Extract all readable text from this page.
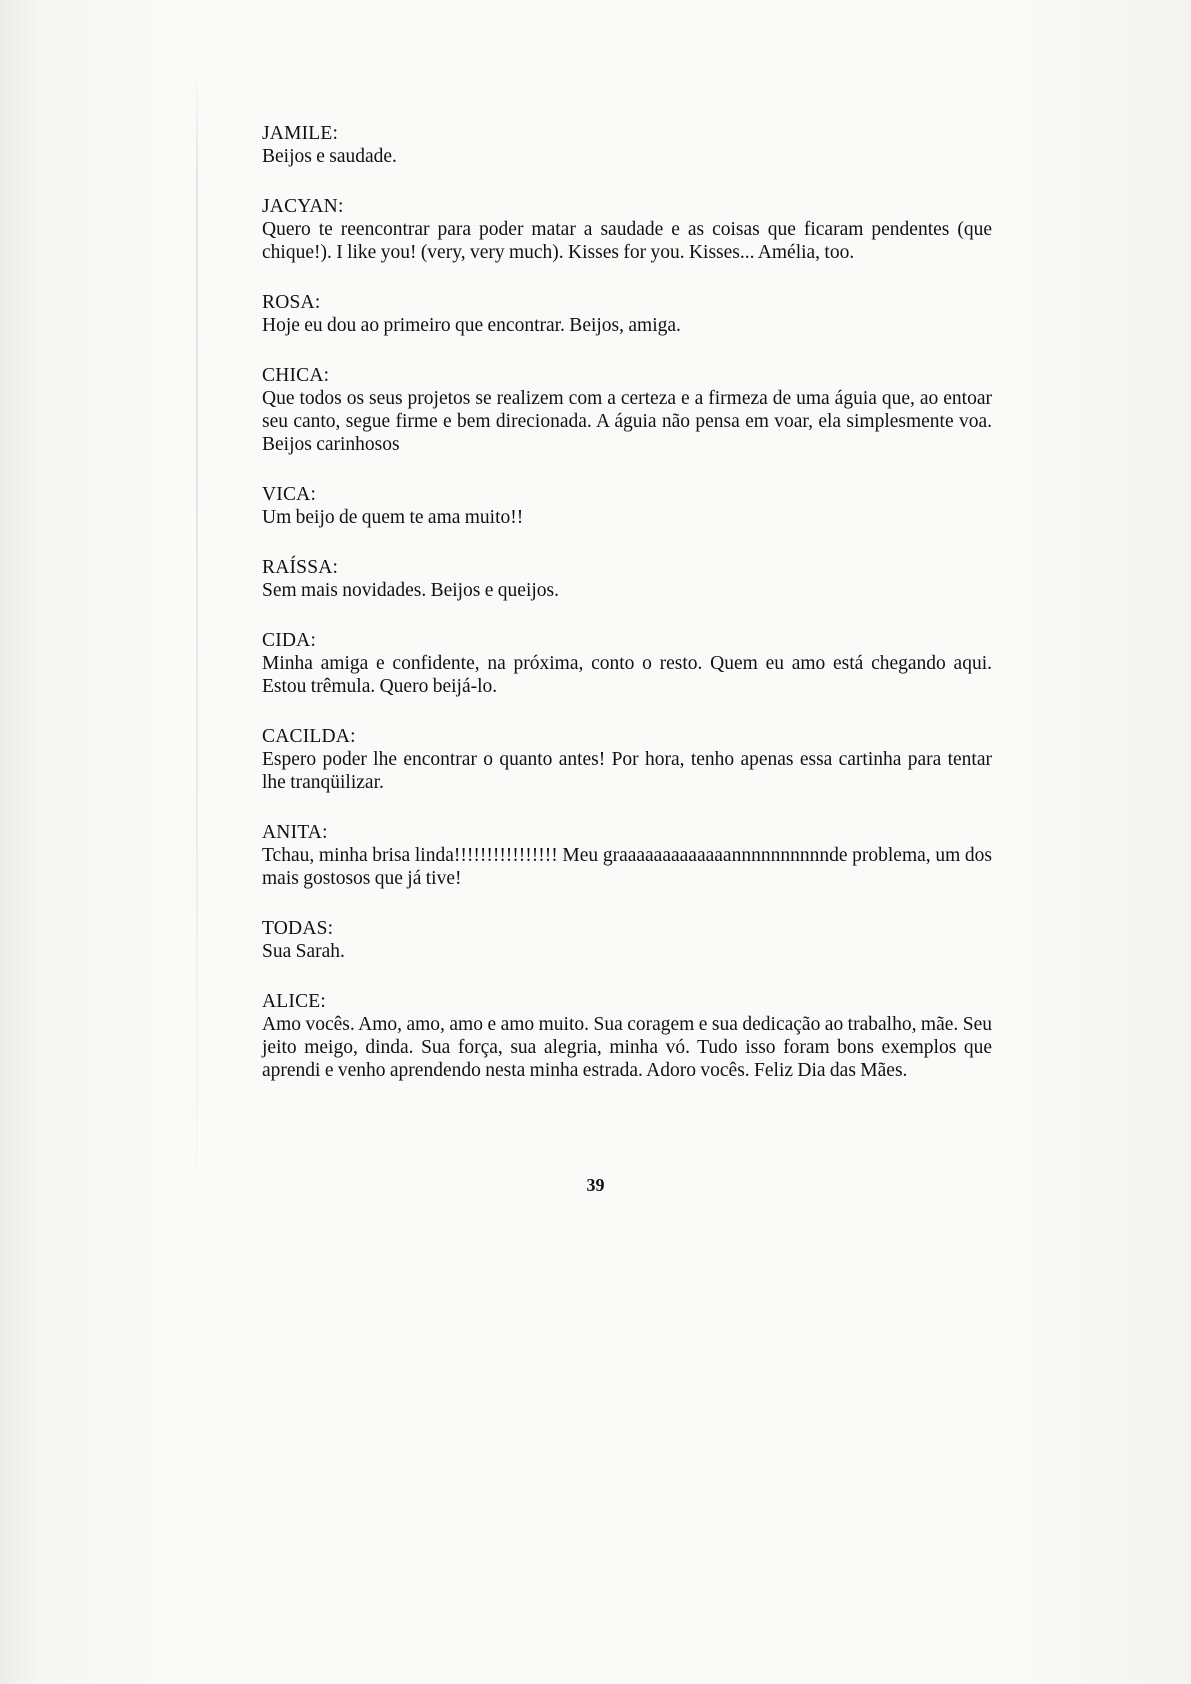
JAMILE:
Beijos e saudade.
JACYAN:
Quero te reencontrar para poder matar a saudade e as coisas que ficaram pendentes (que chique!). I like you! (very, very much). Kisses for you. Kisses... Amélia, too.
ROSA:
Hoje eu dou ao primeiro que encontrar. Beijos, amiga.
CHICA:
Que todos os seus projetos se realizem com a certeza e a firmeza de uma águia que, ao entoar seu canto, segue firme e bem direcionada. A águia não pensa em voar, ela simplesmente voa. Beijos carinhosos
VICA:
Um beijo de quem te ama muito!!
RAÍSSA:
Sem mais novidades. Beijos e queijos.
CIDA:
Minha amiga e confidente, na próxima, conto o resto. Quem eu amo está chegando aqui. Estou trêmula. Quero beijá-lo.
CACILDA:
Espero poder lhe encontrar o quanto antes! Por hora, tenho apenas essa cartinha para tentar lhe tranqüilizar.
ANITA:
Tchau, minha brisa linda!!!!!!!!!!!!!!!! Meu graaaaaaaaaaaaannnnnnnnnnde problema, um dos mais gostosos que já tive!
TODAS:
Sua Sarah.
ALICE:
Amo vocês. Amo, amo, amo e amo muito. Sua coragem e sua dedicação ao trabalho, mãe. Seu jeito meigo, dinda. Sua força, sua alegria, minha vó. Tudo isso foram bons exemplos que aprendi e venho aprendendo nesta minha estrada. Adoro vocês. Feliz Dia das Mães.
39
